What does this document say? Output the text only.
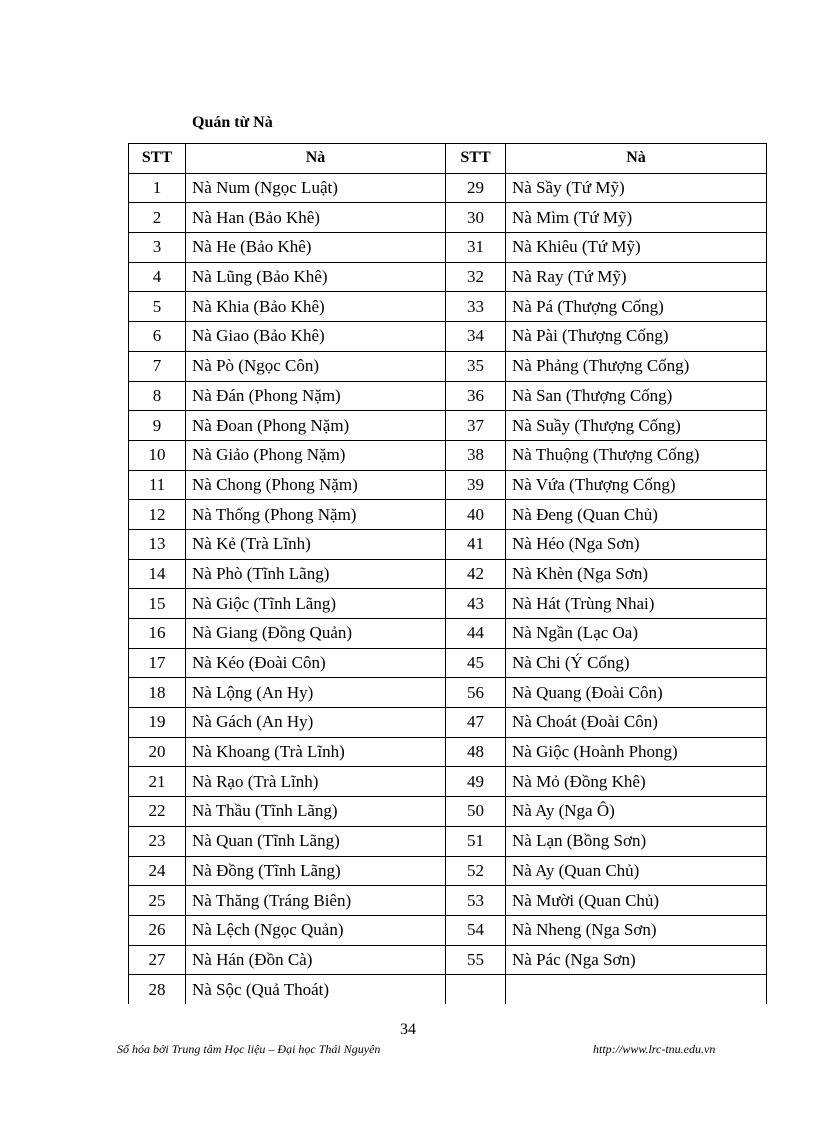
Quán từ Nà
STT	Nà	STT	Nà
1	Nà Num (Ngọc Luật)	29	Nà Sầy (Tứ Mỹ)
2	Nà Han (Bảo Khê)	30	Nà Mìm (Tứ Mỹ)
3	Nà He (Bảo Khê)	31	Nà Khiêu (Tứ Mỹ)
4	Nà Lũng (Bảo Khê)	32	Nà Ray (Tứ Mỹ)
5	Nà Khia (Bảo Khê)	33	Nà Pá (Thượng Cống)
6	Nà Giao (Bảo Khê)	34	Nà Pài (Thượng Cống)
7	Nà Pò (Ngọc Côn)	35	Nà Phảng (Thượng Cống)
8	Nà Đán (Phong Nặm)	36	Nà San (Thượng Cống)
9	Nà Đoan (Phong Nặm)	37	Nà Suầy (Thượng Cống)
10	Nà Giảo (Phong Nặm)	38	Nà Thuộng (Thượng Cống)
11	Nà Chong (Phong Nặm)	39	Nà Vứa (Thượng Cống)
12	Nà Thống (Phong Nặm)	40	Nà Đeng (Quan Chủ)
13	Nà Kẻ (Trà Lĩnh)	41	Nà Héo (Nga Sơn)
14	Nà Phò (Tĩnh Lãng)	42	Nà Khèn (Nga Sơn)
15	Nà Giộc (Tĩnh Lãng)	43	Nà Hát (Trùng Nhai)
16	Nà Giang (Đồng Quản)	44	Nà Ngần (Lạc Oa)
17	Nà Kéo (Đoài Côn)	45	Nà Chi (Ý Cống)
18	Nà Lộng (An Hy)	56	Nà Quang (Đoài Côn)
19	Nà Gách (An Hy)	47	Nà Choát (Đoài Côn)
20	Nà Khoang (Trà Lĩnh)	48	Nà Giộc (Hoành Phong)
21	Nà Rạo (Trà Lĩnh)	49	Nà Mỏ (Đồng Khê)
22	Nà Thầu (Tĩnh Lãng)	50	Nà Ay (Nga Ô)
23	Nà Quan (Tĩnh Lãng)	51	Nà Lạn (Bồng Sơn)
24	Nà Đồng (Tĩnh Lãng)	52	Nà Ay (Quan Chủ)
25	Nà Thăng (Tráng Biên)	53	Nà Mười (Quan Chủ)
26	Nà Lệch (Ngọc Quản)	54	Nà Nheng (Nga Sơn)
27	Nà Hán (Đồn Cà)	55	Nà Pác (Nga Sơn)
28	Nà Sộc (Quả Thoát)		
34
Số hóa bởi Trung tâm Học liệu – Đại học Thái Nguyên	http://www.lrc-tnu.edu.vn
